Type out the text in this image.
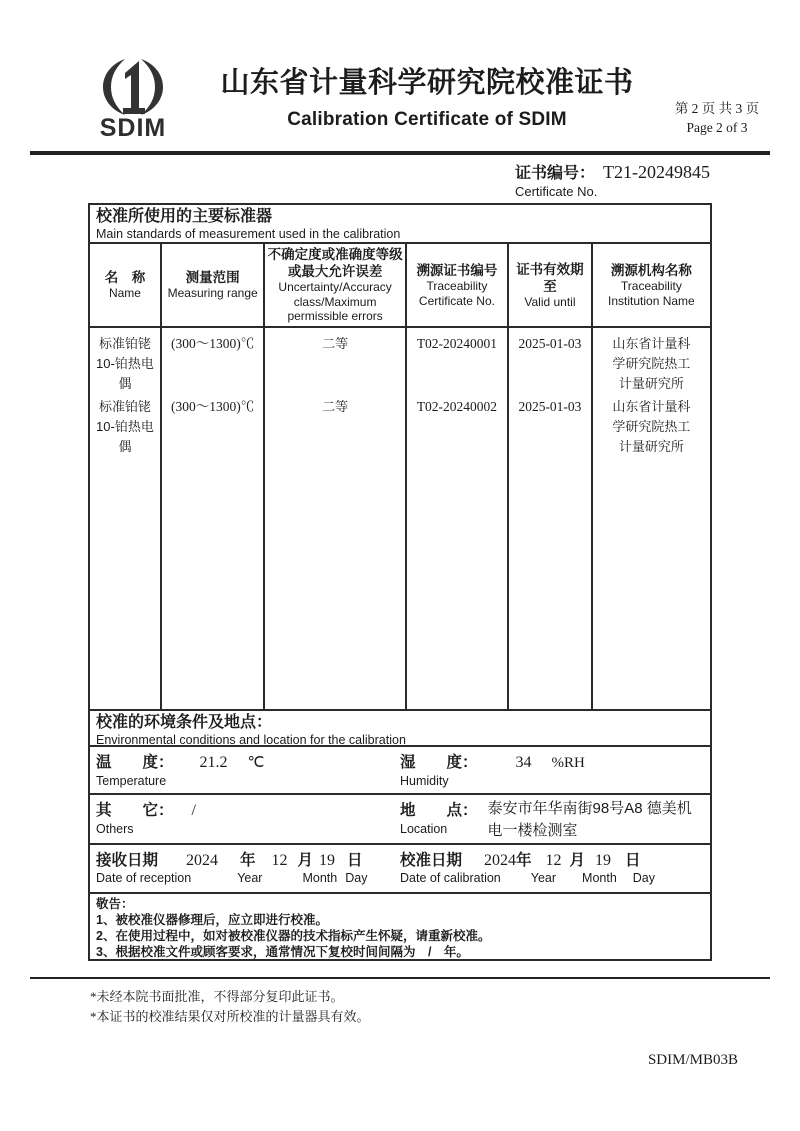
SDIM
山东省计量科学研究院校准证书
Calibration Certificate of SDIM
第 2 页 共 3 页
Page 2 of 3
证书编号： T21-20249845
Certificate No.
校准所使用的主要标准器
Main standards of measurement used in the calibration
名　称
Name
测量范围
Measuring range
不确定度或准确度等级或最大允许误差
Uncertainty/Accuracy class/Maximum permissible errors
溯源证书编号
Traceability Certificate No.
证书有效期至
Valid until
溯源机构名称
Traceability Institution Name
标准铂铑10-铂热电偶
标准铂铑10-铂热电偶
(300～1300)℃
(300～1300)℃
二等
二等
T02-20240001
T02-20240002
2025-01-03
2025-01-03
山东省计量科学研究院热工计量研究所
山东省计量科学研究院热工计量研究所
校准的环境条件及地点：
Environmental conditions and location for the calibration
温　　度： 21.2 ℃
Temperature
湿　　度： 34 %RH
Humidity
其　　它： /
Others
地　　点：
Location
泰安市年华南街98号A8 德美机电一楼检测室
接收日期 2024 年 12 月 19 日
Date of reception	Year	Month Day
校准日期 2024 年 12 月 19 日
Date of calibration Year Month Day
敬告：
1、被校准仪器修理后，应立即进行校准。
2、在使用过程中，如对被校准仪器的技术指标产生怀疑，请重新校准。
3、根据校准文件或顾客要求，通常情况下复校时间间隔为　/　年。
*未经本院书面批准，不得部分复印此证书。
*本证书的校准结果仅对所校准的计量器具有效。
SDIM/MB03B
